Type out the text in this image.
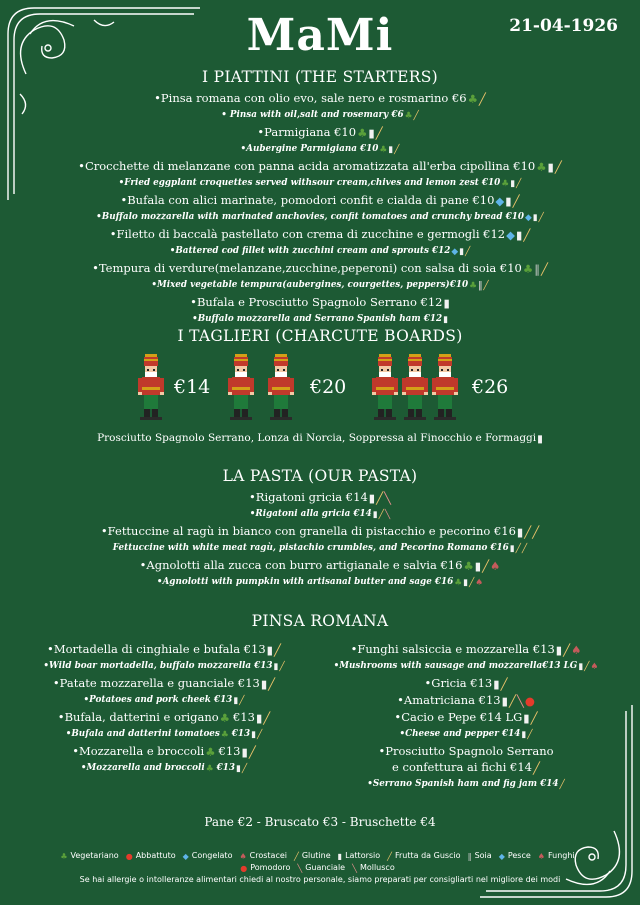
MaMi	21-04-1926
I PIATTINI (THE STARTERS)
•Pinsa romana con olio evo, sale nero e rosmarino €6♣╱
• Pinsa with oil,salt and rosemary €6♣╱
•Parmigiana €10♣▮╱
•Aubergine Parmigiana €10♣▮╱
•Crocchette di melanzane con panna acida aromatizzata all'erba cipollina €10♣▮╱
•Fried eggplant croquettes served withsour cream,chives and lemon zest €10♣▮╱
•Bufala con alici marinate, pomodori confit e cialda di pane €10◆▮╱
•Buffalo mozzarella with marinated anchovies, confit tomatoes and crunchy bread €10◆▮╱
•Filetto di baccalà pastellato con crema di zucchine e germogli €12◆▮╱
•Battered cod fillet with zucchini cream and sprouts €12◆▮╱
•Tempura di verdure(melanzane,zucchine,peperoni) con salsa di soia €10♣‖╱
•Mixed vegetable tempura(aubergines, courgettes, peppers)€10♣‖╱
•Bufala e Prosciutto Spagnolo Serrano €12▮
•Buffalo mozzarella and Serrano Spanish ham €12▮
I TAGLIERI (CHARCUTE BOARDS)
€14	€20	€26
Prosciutto Spagnolo Serrano, Lonza di Norcia, Soppressa al Finocchio e Formaggi▮
LA PASTA (OUR PASTA)
•Rigatoni gricia €14▮╱╲
•Rigatoni alla gricia €14▮╱╲
•Fettuccine al ragù in bianco con granella di pistacchio e pecorino €16▮╱╱
Fettuccine with white meat ragù, pistachio crumbles, and Pecorino Romano €16▮╱╱
•Agnolotti alla zucca con burro artigianale e salvia €16♣▮╱♠
•Agnolotti with pumpkin with artisanal butter and sage €16♣▮╱♠
PINSA ROMANA
•Mortadella di cinghiale e bufala €13▮╱
•Wild boar mortadella, buffalo mozzarella €13▮╱
•Patate mozzarella e guanciale €13▮╱
•Potatoes and pork cheek €13▮╱
•Bufala, datterini e origano♣ €13▮╱
•Bufala and datterini tomatoes♣ €13▮╱
•Mozzarella e broccoli♣ €13▮╱
•Mozzarella and broccoli♣ €13▮╱
•Funghi salsiccia e mozzarella €13▮╱♠
•Mushrooms with sausage and mozzarella€13 LG▮╱♠
•Gricia €13▮╱
•Amatriciana €13▮╱╲●
•Cacio e Pepe €14 LG▮╱
•Cheese and pepper €14▮╱
•Prosciutto Spagnolo Serrano
e confettura ai fichi €14╱
•Serrano Spanish ham and fig jam €14╱
Pane €2 - Bruscato €3 - Bruschette €4
♣ Vegetariano ● Abbattuto ◆ Congelato ♠ Crostacei ╱ Glutine ▮ Lattorsio ╱ Frutta da Guscio ‖ Soia ◆ Pesce ♠ Funghi
● Pomodoro ╲ Guanciale ╲ Mollusco
Se hai allergie o intolleranze alimentari chiedi al nostro personale, siamo preparati per consigliarti nel migliore dei modi
